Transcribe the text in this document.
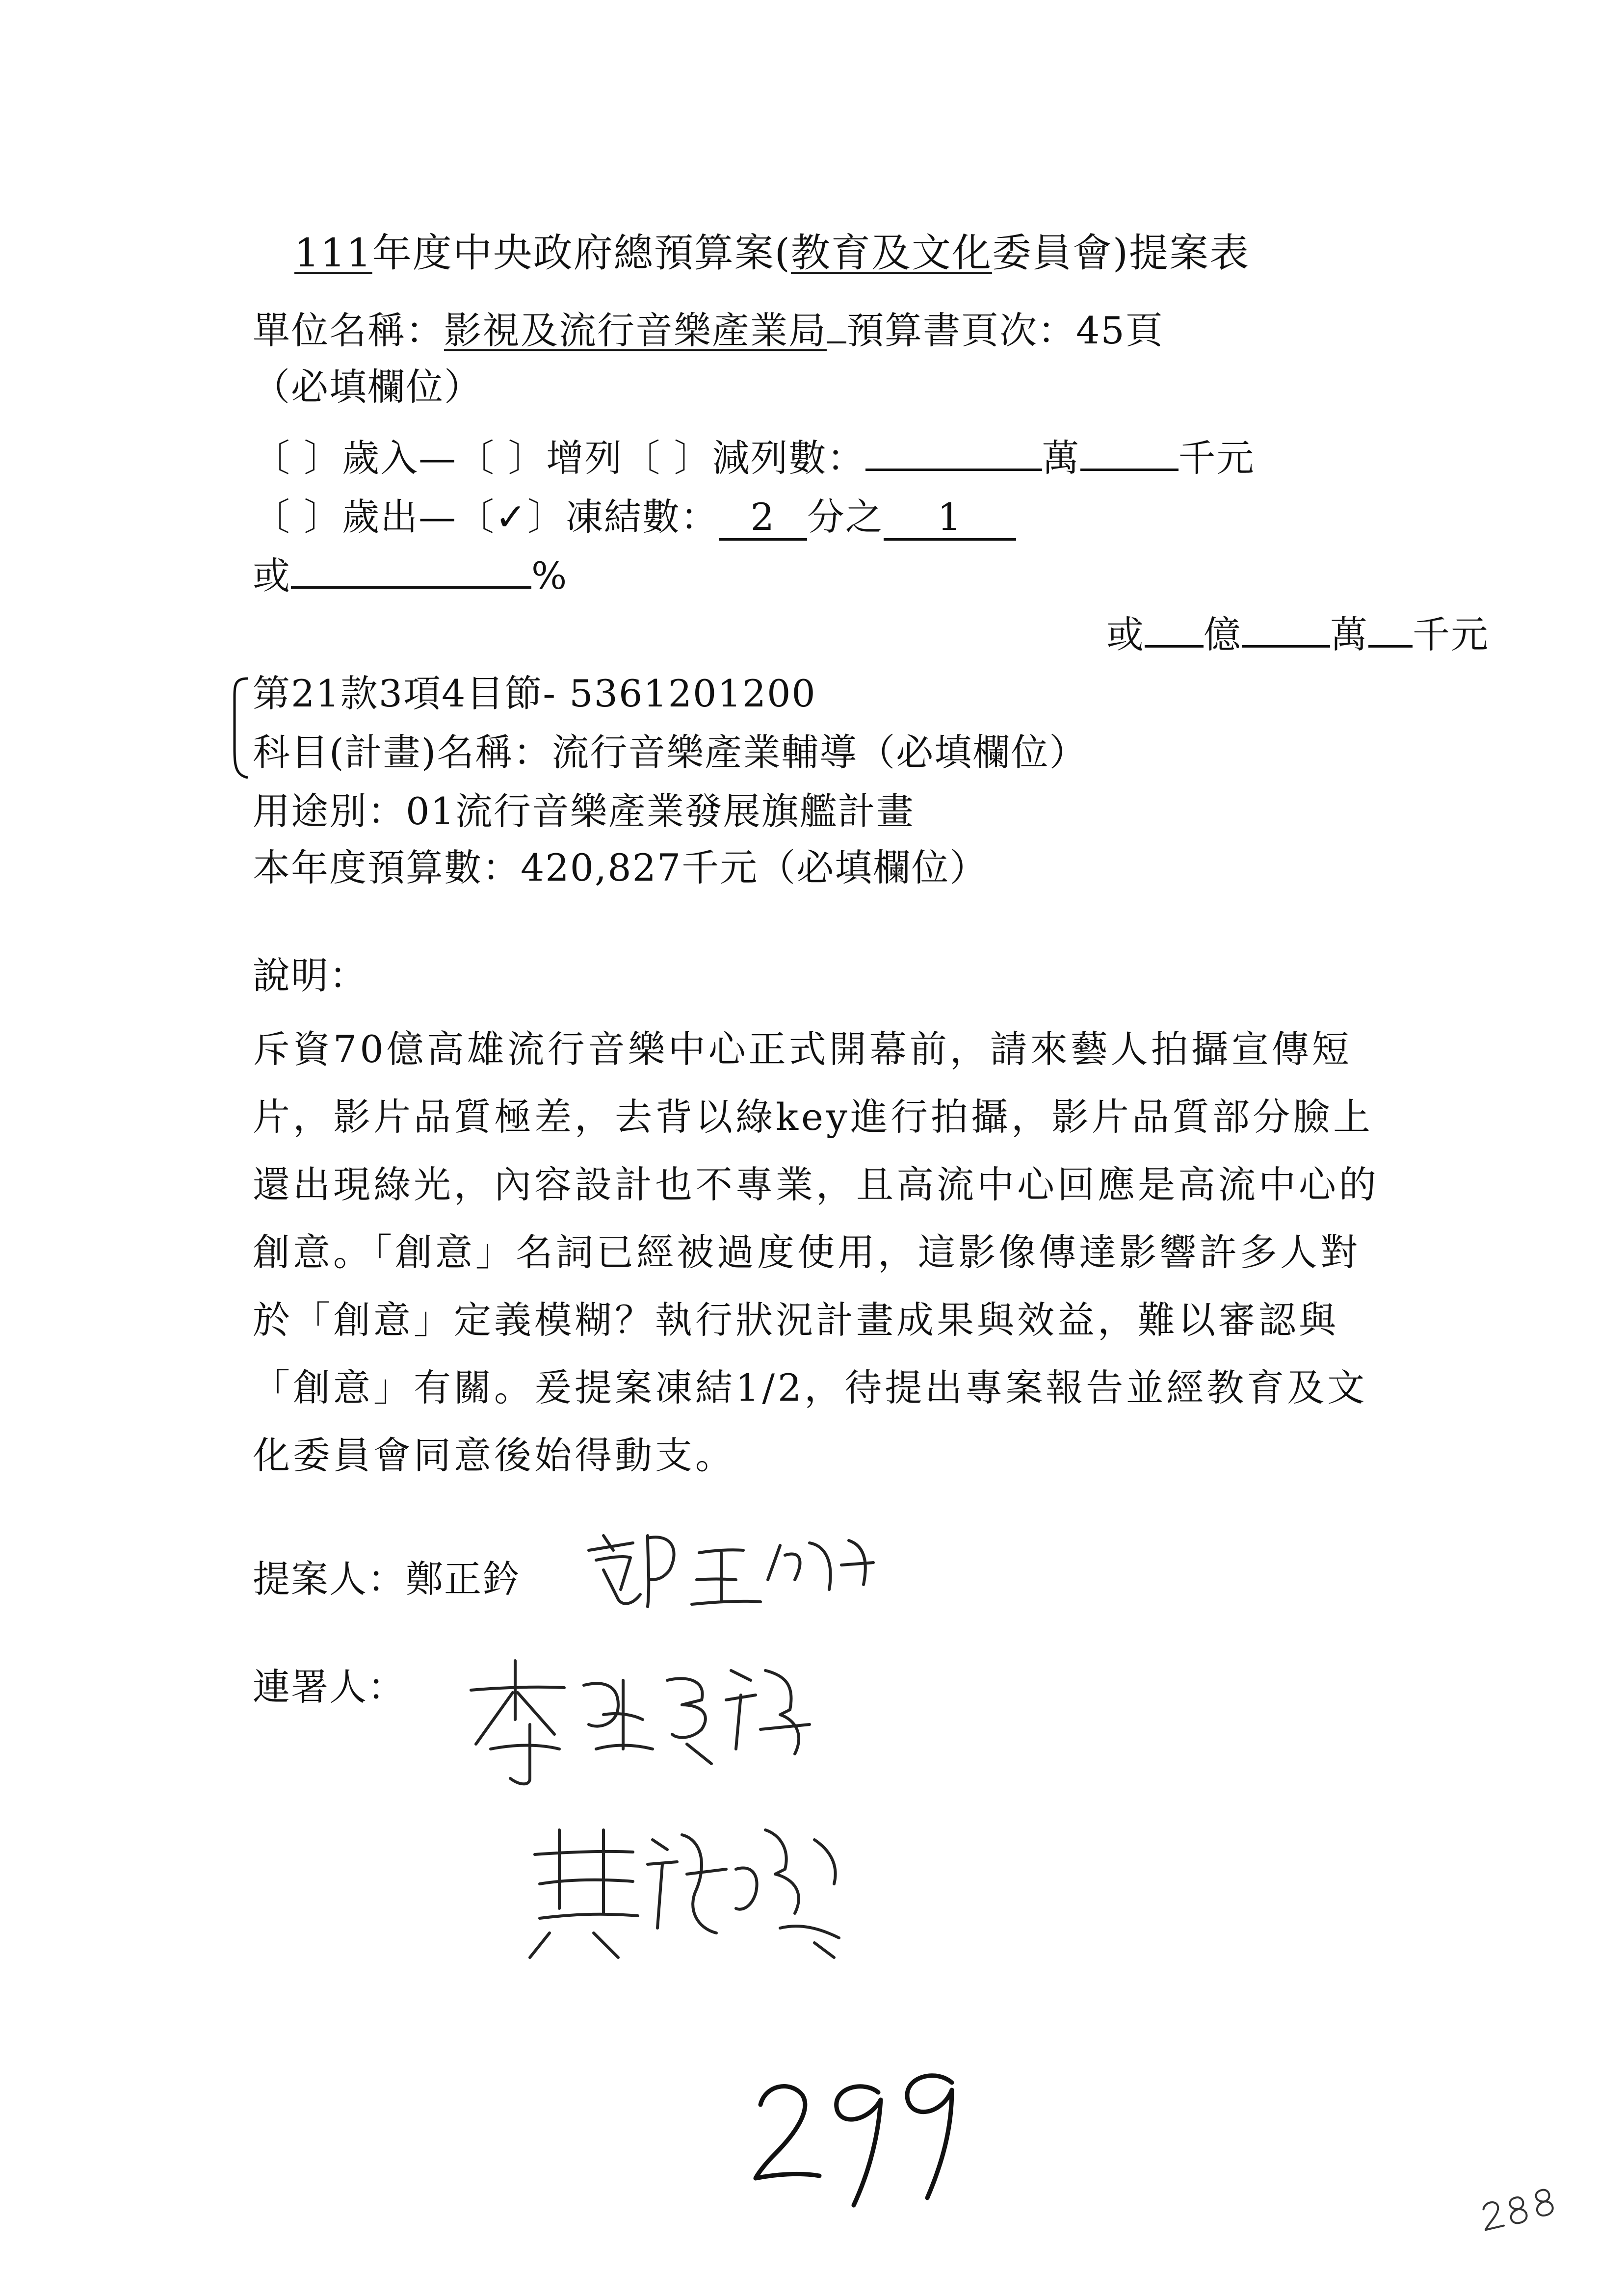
111年度中央政府總預算案(教育及文化委員會)提案表
單位名稱：影視及流行音樂產業局 預算書頁次：45頁
（必填欄位）
〔 〕歲入—〔 〕增列〔 〕減列數：	萬	千元
〔 〕歲出—〔✓〕凍結數： 2 分之 1
或	%
或 億 萬 千元
第21款3項4目節- 5361201200
科目(計畫)名稱：流行音樂產業輔導（必填欄位）
用途別：01流行音樂產業發展旗艦計畫
本年度預算數：420,827千元（必填欄位）
說明：
斥資70億高雄流行音樂中心正式開幕前，請來藝人拍攝宣傳短片，影片品質極差，去背以綠key進行拍攝，影片品質部分臉上還出現綠光，內容設計也不專業，且高流中心回應是高流中心的創意。「創意」名詞已經被過度使用，這影像傳達影響許多人對於「創意」定義模糊？執行狀況計畫成果與效益，難以審認與「創意」有關。爰提案凍結1/2，待提出專案報告並經教育及文化委員會同意後始得動支。
提案人：鄭正鈐
連署人：
